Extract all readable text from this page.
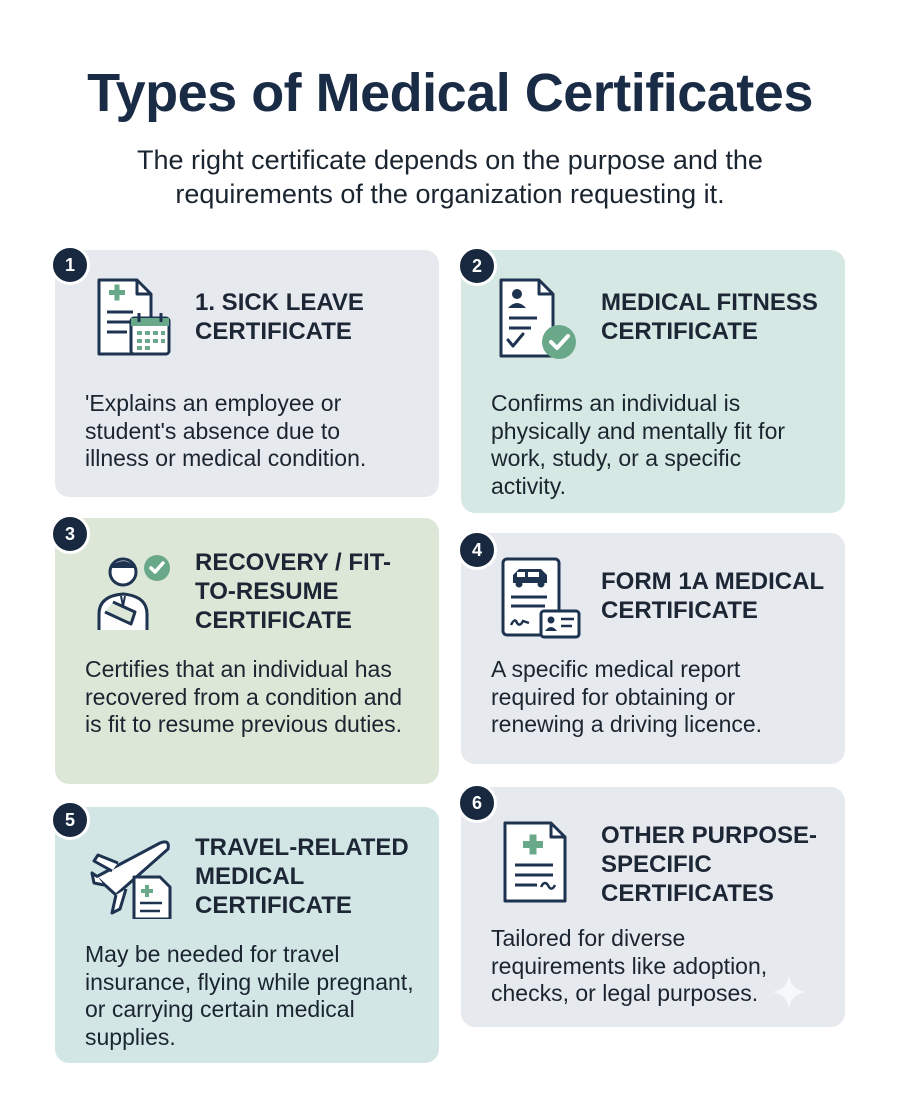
Types of Medical Certificates

The right certificate depends on the purpose and the requirements of the organization requesting it.

1. SICK LEAVE CERTIFICATE
'Explains an employee or student's absence due to illness or medical condition.
1
MEDICAL FITNESS CERTIFICATE
Confirms an individual is physically and mentally fit for work, study, or a specific activity.
2
RECOVERY / FIT-TO-RESUME CERTIFICATE
Certifies that an individual has recovered from a condition and is fit to resume previous duties.
3
FORM 1A MEDICAL CERTIFICATE
A specific medical report required for obtaining or renewing a driving licence.
4
TRAVEL-RELATED MEDICAL CERTIFICATE
May be needed for travel insurance, flying while pregnant, or carrying certain medical supplies.
5
OTHER PURPOSE-SPECIFIC CERTIFICATES
Tailored for diverse requirements like adoption, checks, or legal purposes.
6
